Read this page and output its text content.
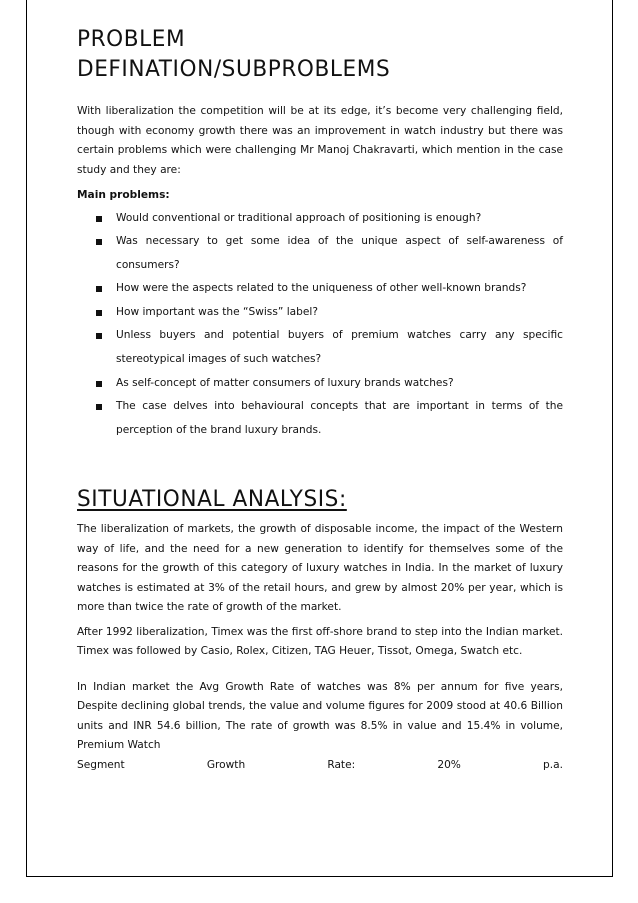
PROBLEM
DEFINATION/SUBPROBLEMS

With liberalization the competition will be at its edge, it’s become very challenging field, though with economy growth there was an improvement in watch industry but there was certain problems which were challenging Mr Manoj Chakravarti, which mention in the case study and they are:

Main problems:

Would conventional or traditional approach of positioning is enough?
Was necessary to get some idea of the unique aspect of self-awareness of consumers?
How were the aspects related to the uniqueness of other well-known brands?
How important was the “Swiss” label?
Unless buyers and potential buyers of premium watches carry any specific stereotypical images of such watches?
As self-concept of matter consumers of luxury brands watches?
The case delves into behavioural concepts that are important in terms of the perception of the brand luxury brands.
SITUATIONAL ANALYSIS:

The liberalization of markets, the growth of disposable income, the impact of the Western way of life, and the need for a new generation to identify for themselves some of the reasons for the growth of this category of luxury watches in India. In the market of luxury watches is estimated at 3% of the retail hours, and grew by almost 20% per year, which is more than twice the rate of growth of the market.

After 1992 liberalization, Timex was the first off-shore brand to step into the Indian market. Timex was followed by Casio, Rolex, Citizen, TAG Heuer, Tissot, Omega, Swatch etc.

In Indian market the Avg Growth Rate of watches was 8% per annum for five years, Despite declining global trends, the value and volume figures for 2009 stood at 40.6 Billion units and INR 54.6 billion, The rate of growth was 8.5% in value and 15.4% in volume, Premium Watch

Segment	Growth	Rate:	20%	p.a.
